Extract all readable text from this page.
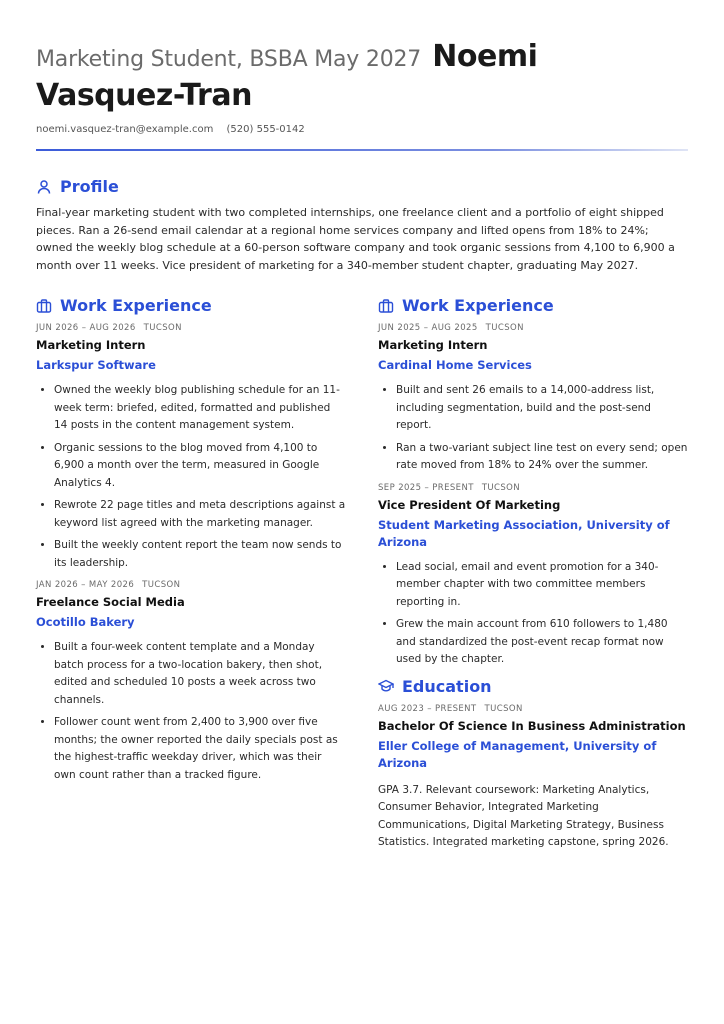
Marketing Student, BSBA May 2027 Noemi Vasquez-Tran
noemi.vasquez-tran@example.com (520) 555-0142
Profile
Final-year marketing student with two completed internships, one freelance client and a portfolio of eight shipped pieces. Ran a 26-send email calendar at a regional home services company and lifted opens from 18% to 24%; owned the weekly blog schedule at a 60-person software company and took organic sessions from 4,100 to 6,900 a month over 11 weeks. Vice president of marketing for a 340-member student chapter, graduating May 2027.
Work Experience
JUN 2026 – AUG 2026 TUCSON
Marketing Intern
Larkspur Software
• Owned the weekly blog publishing schedule for an 11-week term: briefed, edited, formatted and published 14 posts in the content management system.
• Organic sessions to the blog moved from 4,100 to 6,900 a month over the term, measured in Google Analytics 4.
• Rewrote 22 page titles and meta descriptions against a keyword list agreed with the marketing manager.
• Built the weekly content report the team now sends to its leadership.
JAN 2026 – MAY 2026 TUCSON
Freelance Social Media
Ocotillo Bakery
• Built a four-week content template and a Monday batch process for a two-location bakery, then shot, edited and scheduled 10 posts a week across two channels.
• Follower count went from 2,400 to 3,900 over five months; the owner reported the daily specials post as the highest-traffic weekday driver, which was their own count rather than a tracked figure.
Work Experience
JUN 2025 – AUG 2025 TUCSON
Marketing Intern
Cardinal Home Services
• Built and sent 26 emails to a 14,000-address list, including segmentation, build and the post-send report.
• Ran a two-variant subject line test on every send; open rate moved from 18% to 24% over the summer.
SEP 2025 – PRESENT TUCSON
Vice President Of Marketing
Student Marketing Association, University of Arizona
• Lead social, email and event promotion for a 340-member chapter with two committee members reporting in.
• Grew the main account from 610 followers to 1,480 and standardized the post-event recap format now used by the chapter.
Education
AUG 2023 – PRESENT TUCSON
Bachelor Of Science In Business Administration
Eller College of Management, University of Arizona
GPA 3.7. Relevant coursework: Marketing Analytics, Consumer Behavior, Integrated Marketing Communications, Digital Marketing Strategy, Business Statistics. Integrated marketing capstone, spring 2026.
